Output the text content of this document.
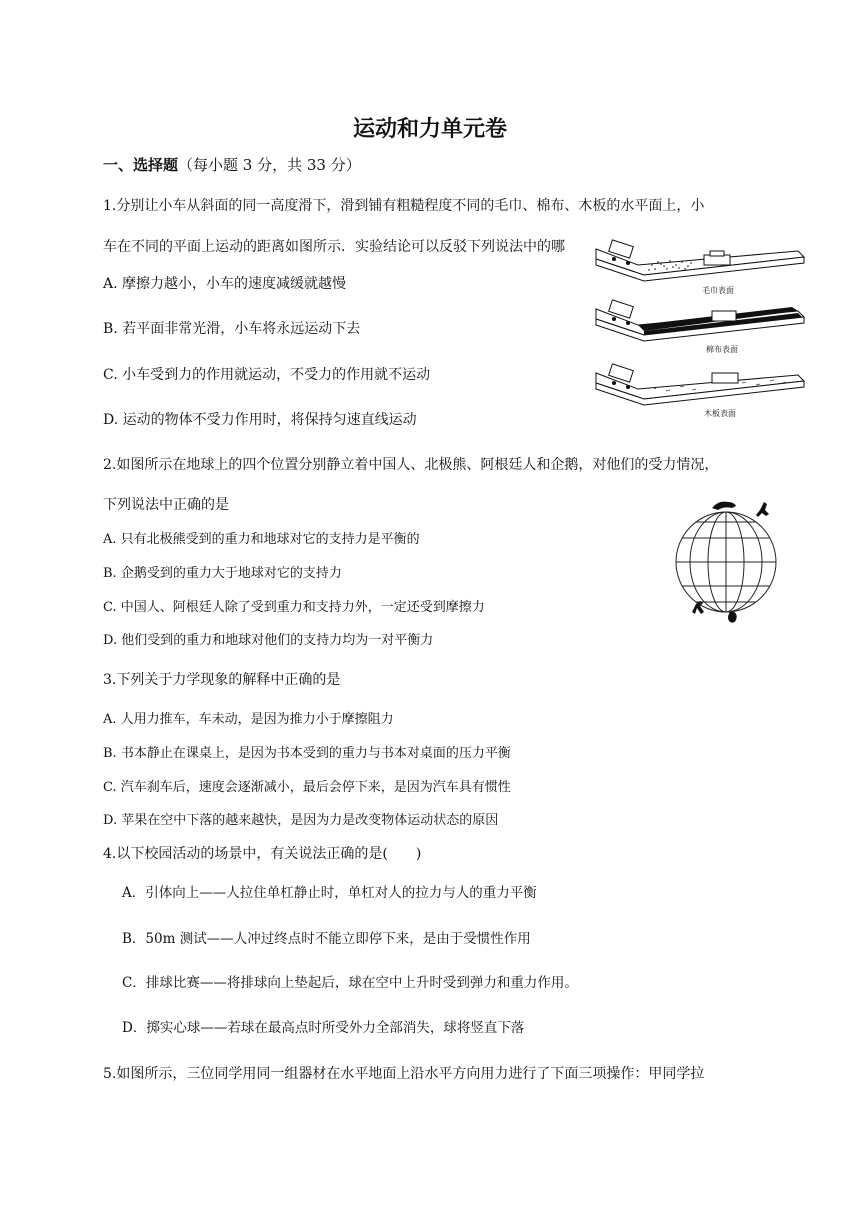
运动和力单元卷
一、选择题（每小题 3 分，共 33 分）
1.分别让小车从斜面的同一高度滑下，滑到铺有粗糙程度不同的毛巾、棉布、木板的水平面上，小
车在不同的平面上运动的距离如图所示．实验结论可以反驳下列说法中的哪
A. 摩擦力越小，小车的速度减缓就越慢
B. 若平面非常光滑，小车将永远运动下去
C. 小车受到力的作用就运动，不受力的作用就不运动
D. 运动的物体不受力作用时，将保持匀速直线运动
毛巾表面
棉布表面
木板表面
2.如图所示在地球上的四个位置分别静立着中国人、北极熊、阿根廷人和企鹅，对他们的受力情况，
下列说法中正确的是
A. 只有北极熊受到的重力和地球对它的支持力是平衡的
B. 企鹅受到的重力大于地球对它的支持力
C. 中国人、阿根廷人除了受到重力和支持力外，一定还受到摩擦力
D. 他们受到的重力和地球对他们的支持力均为一对平衡力
3.下列关于力学现象的解释中正确的是
A. 人用力推车，车未动，是因为推力小于摩擦阻力
B. 书本静止在课桌上，是因为书本受到的重力与书本对桌面的压力平衡
C. 汽车刹车后，速度会逐渐减小，最后会停下来，是因为汽车具有惯性
D. 苹果在空中下落的越来越快，是因为力是改变物体运动状态的原因
4.以下校园活动的场景中，有关说法正确的是(　　)
A．引体向上——人拉住单杠静止时，单杠对人的拉力与人的重力平衡
B．50m 测试——人冲过终点时不能立即停下来，是由于受惯性作用
C．排球比赛——将排球向上垫起后，球在空中上升时受到弹力和重力作用。
D．掷实心球——若球在最高点时所受外力全部消失，球将竖直下落
5.如图所示，三位同学用同一组器材在水平地面上沿水平方向用力进行了下面三项操作：甲同学拉
